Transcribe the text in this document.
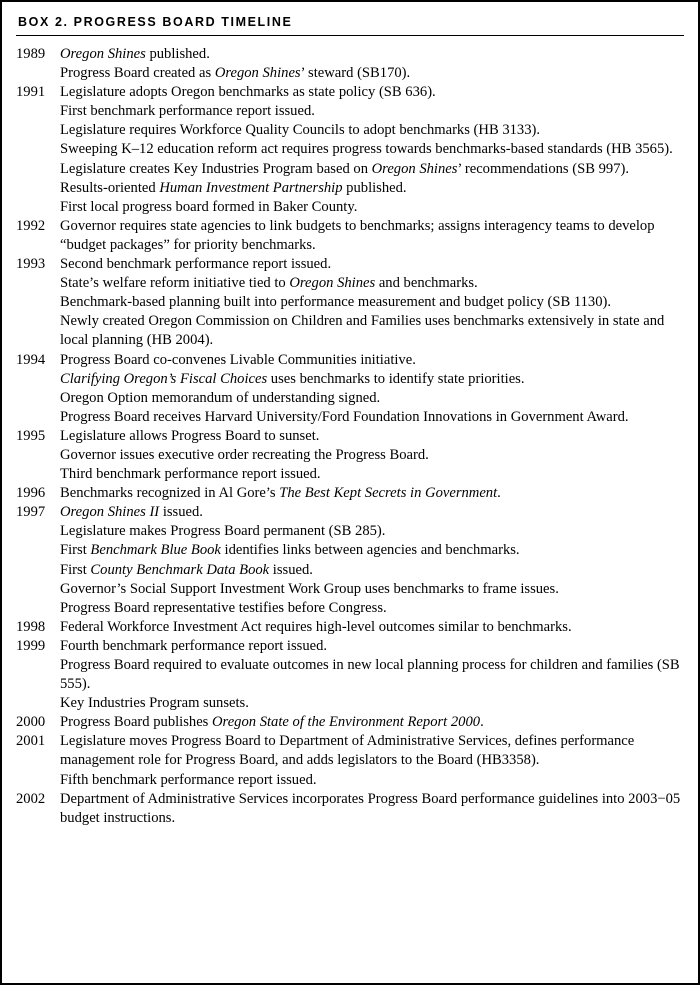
BOX 2. PROGRESS BOARD TIMELINE
1989	Oregon Shines published.
Progress Board created as Oregon Shines’ steward (SB170).

1991	Legislature adopts Oregon benchmarks as state policy (SB 636).
First benchmark performance report issued.
Legislature requires Workforce Quality Councils to adopt benchmarks (HB 3133).
Sweeping K–12 education reform act requires progress towards benchmarks-based standards (HB 3565).
Legislature creates Key Industries Program based on Oregon Shines’ recommendations (SB 997).
Results-oriented Human Investment Partnership published.
First local progress board formed in Baker County.

1992	Governor requires state agencies to link budgets to benchmarks; assigns interagency teams to develop “budget packages” for priority benchmarks.

1993	Second benchmark performance report issued.
State’s welfare reform initiative tied to Oregon Shines and benchmarks.
Benchmark-based planning built into performance measurement and budget policy (SB 1130).
Newly created Oregon Commission on Children and Families uses benchmarks extensively in state and local planning (HB 2004).

1994	Progress Board co-convenes Livable Communities initiative.
Clarifying Oregon’s Fiscal Choices uses benchmarks to identify state priorities.
Oregon Option memorandum of understanding signed.
Progress Board receives Harvard University/Ford Foundation Innovations in Government Award.

1995	Legislature allows Progress Board to sunset.
Governor issues executive order recreating the Progress Board.
Third benchmark performance report issued.

1996	Benchmarks recognized in Al Gore’s The Best Kept Secrets in Government.

1997	Oregon Shines II issued.
Legislature makes Progress Board permanent (SB 285).
First Benchmark Blue Book identifies links between agencies and benchmarks.
First County Benchmark Data Book issued.
Governor’s Social Support Investment Work Group uses benchmarks to frame issues.
Progress Board representative testifies before Congress.

1998	Federal Workforce Investment Act requires high-level outcomes similar to benchmarks.

1999	Fourth benchmark performance report issued.
Progress Board required to evaluate outcomes in new local planning process for children and families (SB 555).
Key Industries Program sunsets.

2000	Progress Board publishes Oregon State of the Environment Report 2000.

2001	Legislature moves Progress Board to Department of Administrative Services, defines performance management role for Progress Board, and adds legislators to the Board (HB3358).
Fifth benchmark performance report issued.

2002	Department of Administrative Services incorporates Progress Board performance guidelines into 2003−05 budget instructions.
